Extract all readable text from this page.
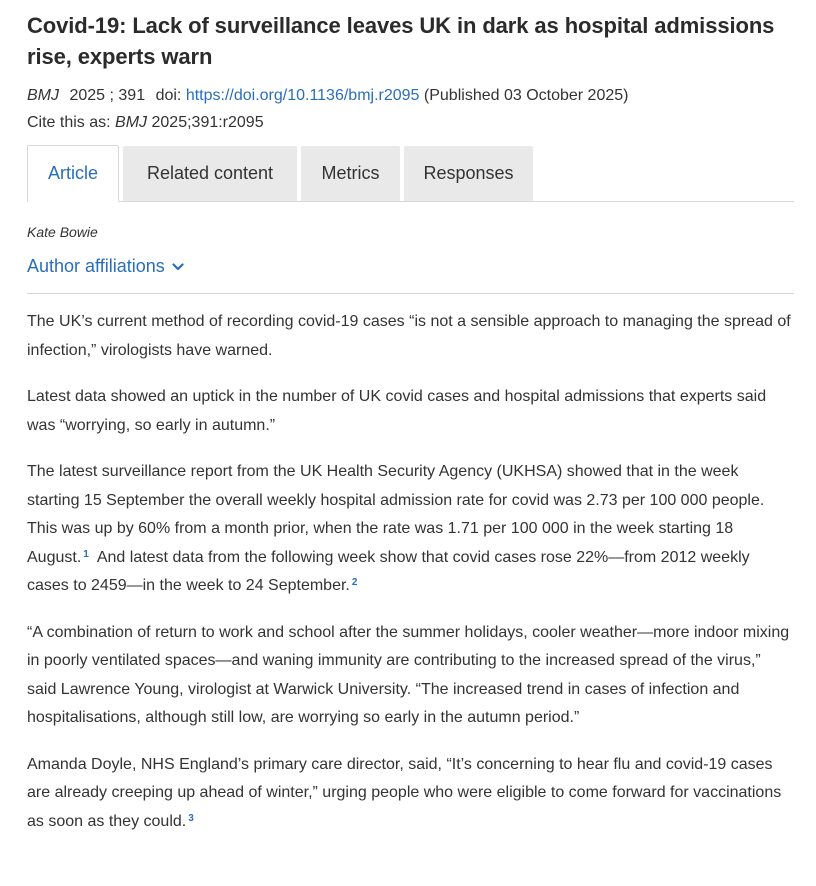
Covid-19: Lack of surveillance leaves UK in dark as hospital admissions rise, experts warn
BMJ 2025 ; 391 doi: https://doi.org/10.1136/bmj.r2095 (Published 03 October 2025)
Cite this as: BMJ 2025;391:r2095
Article	Related content	Metrics	Responses
Kate Bowie
Author affiliations

The UK’s current method of recording covid-19 cases “is not a sensible approach to managing the spread of infection,” virologists have warned.

Latest data showed an uptick in the number of UK covid cases and hospital admissions that experts said was “worrying, so early in autumn.”

The latest surveillance report from the UK Health Security Agency (UKHSA) showed that in the week starting 15 September the overall weekly hospital admission rate for covid was 2.73 per 100 000 people. This was up by 60% from a month prior, when the rate was 1.71 per 100 000 in the week starting 18 August. $^1$ And latest data from the following week show that covid cases rose 22%—from 2012 weekly cases to 2459—in the week to 24 September. $^2$

“A combination of return to work and school after the summer holidays, cooler weather—more indoor mixing in poorly ventilated spaces—and waning immunity are contributing to the increased spread of the virus,” said Lawrence Young, virologist at Warwick University. “The increased trend in cases of infection and hospitalisations, although still low, are worrying so early in the autumn period.”

Amanda Doyle, NHS England’s primary care director, said, “It’s concerning to hear flu and covid-19 cases are already creeping up ahead of winter,” urging people who were eligible to come forward for vaccinations as soon as they could. $^3$
